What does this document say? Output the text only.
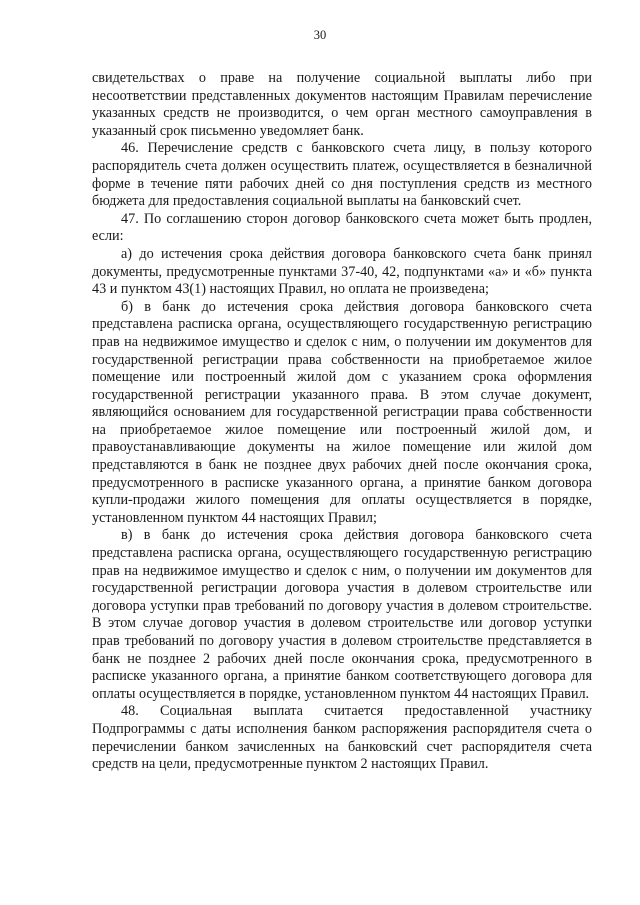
30

свидетельствах о праве на получение социальной выплаты либо при несоответствии представленных документов настоящим Правилам перечисление указанных средств не производится, о чем орган местного самоуправления в указанный срок письменно уведомляет банк.

46. Перечисление средств с банковского счета лицу, в пользу которого распорядитель счета должен осуществить платеж, осуществляется в безналичной форме в течение пяти рабочих дней со дня поступления средств из местного бюджета для предоставления социальной выплаты на банковский счет.

47. По соглашению сторон договор банковского счета может быть продлен, если:

а) до истечения срока действия договора банковского счета банк принял документы, предусмотренные пунктами 37-40, 42, подпунктами «а» и «б» пункта 43 и пунктом 43(1) настоящих Правил, но оплата не произведена;

б) в банк до истечения срока действия договора банковского счета представлена расписка органа, осуществляющего государственную регистрацию прав на недвижимое имущество и сделок с ним, о получении им документов для государственной регистрации права собственности на приобретаемое жилое помещение или построенный жилой дом с указанием срока оформления государственной регистрации указанного права. В этом случае документ, являющийся основанием для государственной регистрации права собственности на приобретаемое жилое помещение или построенный жилой дом, и правоустанавливающие документы на жилое помещение или жилой дом представляются в банк не позднее двух рабочих дней после окончания срока, предусмотренного в расписке указанного органа, а принятие банком договора купли-продажи жилого помещения для оплаты осуществляется в порядке, установленном пунктом 44 настоящих Правил;

в) в банк до истечения срока действия договора банковского счета представлена расписка органа, осуществляющего государственную регистрацию прав на недвижимое имущество и сделок с ним, о получении им документов для государственной регистрации договора участия в долевом строительстве или договора уступки прав требований по договору участия в долевом строительстве. В этом случае договор участия в долевом строительстве или договор уступки прав требований по договору участия в долевом строительстве представляется в банк не позднее 2 рабочих дней после окончания срока, предусмотренного в расписке указанного органа, а принятие банком соответствующего договора для оплаты осуществляется в порядке, установленном пунктом 44 настоящих Правил.

48. Социальная выплата считается предоставленной участнику Подпрограммы с даты исполнения банком распоряжения распорядителя счета о перечислении банком зачисленных на банковский счет распорядителя счета средств на цели, предусмотренные пунктом 2 настоящих Правил.
